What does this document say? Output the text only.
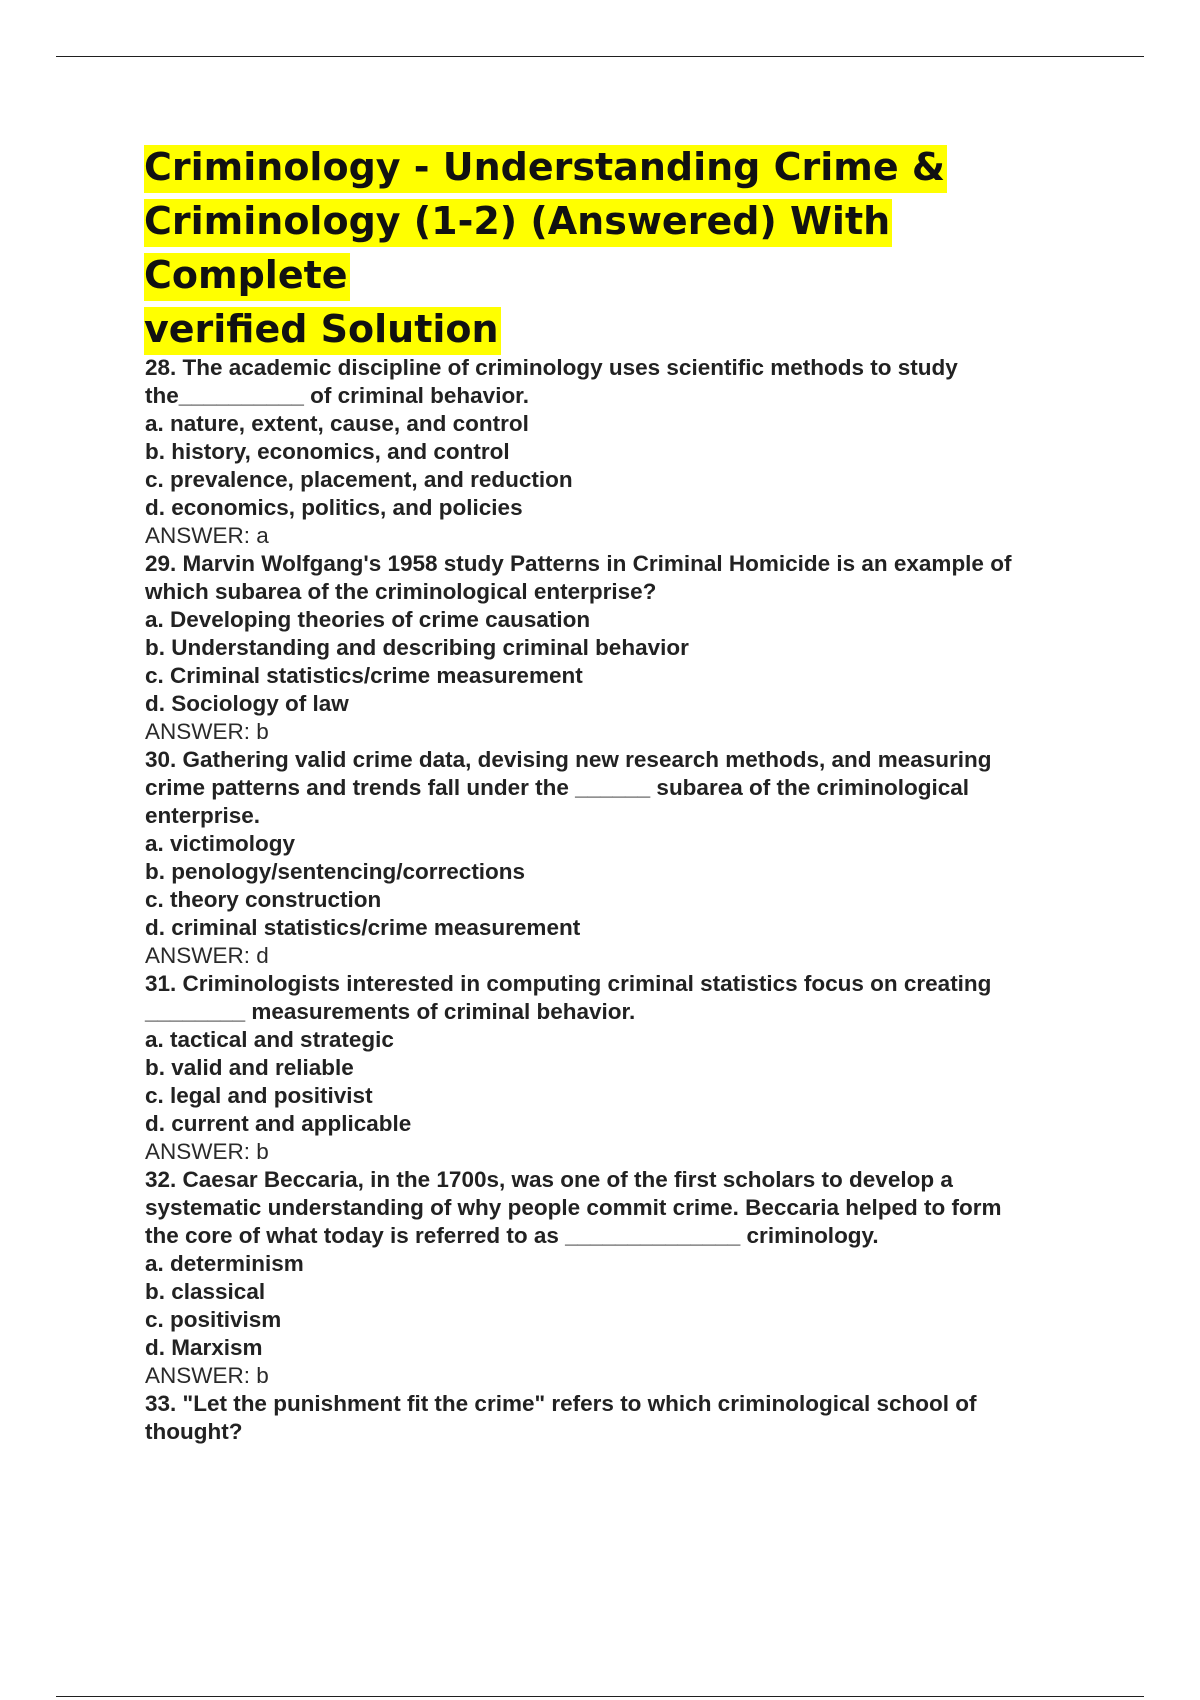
Criminology - Understanding Crime &
Criminology (1-2) (Answered) With Complete
verified Solution
28. The academic discipline of criminology uses scientific methods to study
the__________ of criminal behavior.
a. nature, extent, cause, and control
b. history, economics, and control
c. prevalence, placement, and reduction
d. economics, politics, and policies
ANSWER: a
29. Marvin Wolfgang's 1958 study Patterns in Criminal Homicide is an example of
which subarea of the criminological enterprise?
a. Developing theories of crime causation
b. Understanding and describing criminal behavior
c. Criminal statistics/crime measurement
d. Sociology of law
ANSWER: b
30. Gathering valid crime data, devising new research methods, and measuring
crime patterns and trends fall under the ______ subarea of the criminological
enterprise.
a. victimology
b. penology/sentencing/corrections
c. theory construction
d. criminal statistics/crime measurement
ANSWER: d
31. Criminologists interested in computing criminal statistics focus on creating
________ measurements of criminal behavior.
a. tactical and strategic
b. valid and reliable
c. legal and positivist
d. current and applicable
ANSWER: b
32. Caesar Beccaria, in the 1700s, was one of the first scholars to develop a
systematic understanding of why people commit crime. Beccaria helped to form
the core of what today is referred to as ______________ criminology.
a. determinism
b. classical
c. positivism
d. Marxism
ANSWER: b
33. "Let the punishment fit the crime" refers to which criminological school of
thought?
